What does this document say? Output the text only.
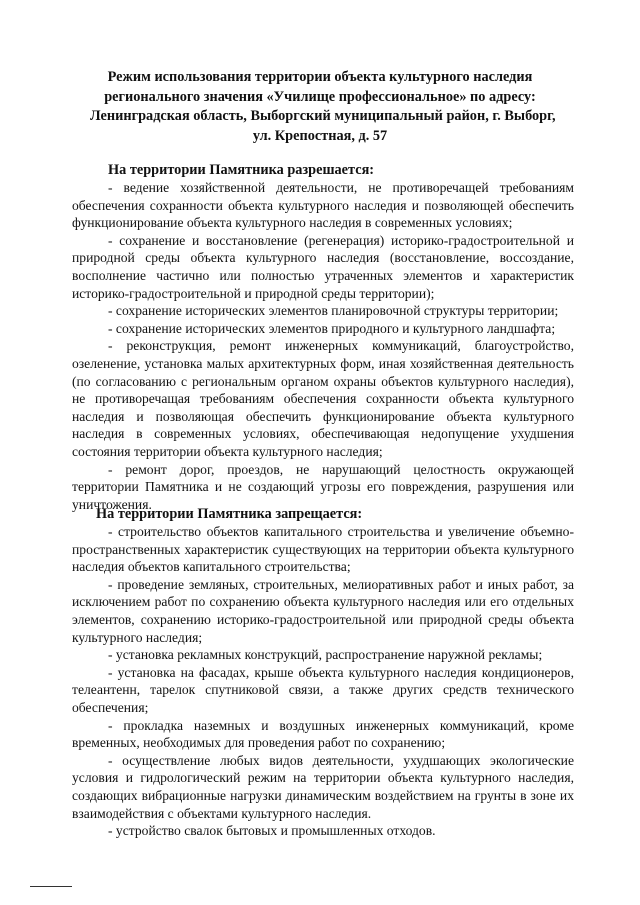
Режим использования территории объекта культурного наследия
регионального значения «Училище профессиональное» по адресу:
Ленинградская область, Выборгский муниципальный район, г. Выборг,
ул. Крепостная, д. 57
На территории Памятника разрешается:

- ведение хозяйственной деятельности, не противоречащей требованиям обеспечения сохранности объекта культурного наследия и позволяющей обеспечить функционирование объекта культурного наследия в современных условиях;

- сохранение и восстановление (регенерация) историко-градостроительной и природной среды объекта культурного наследия (восстановление, воссоздание, восполнение частично или полностью утраченных элементов и характеристик историко-градостроительной и природной среды территории);

- сохранение исторических элементов планировочной структуры территории;

- сохранение исторических элементов природного и культурного ландшафта;

- реконструкция, ремонт инженерных коммуникаций, благоустройство, озеленение, установка малых архитектурных форм, иная хозяйственная деятельность (по согласованию с региональным органом охраны объектов культурного наследия), не противоречащая требованиям обеспечения сохранности объекта культурного наследия и позволяющая обеспечить функционирование объекта культурного наследия в современных условиях, обеспечивающая недопущение ухудшения состояния территории объекта культурного наследия;

- ремонт дорог, проездов, не нарушающий целостность окружающей территории Памятника и не создающий угрозы его повреждения, разрушения или уничтожения.

На территории Памятника запрещается:

- строительство объектов капитального строительства и увеличение объемно-пространственных характеристик существующих на территории объекта культурного наследия объектов капитального строительства;

- проведение земляных, строительных, мелиоративных работ и иных работ, за исключением работ по сохранению объекта культурного наследия или его отдельных элементов, сохранению историко-градостроительной или природной среды объекта культурного наследия;

- установка рекламных конструкций, распространение наружной рекламы;

- установка на фасадах, крыше объекта культурного наследия кондиционеров, телеантенн, тарелок спутниковой связи, а также других средств технического обеспечения;

- прокладка наземных и воздушных инженерных коммуникаций, кроме временных, необходимых для проведения работ по сохранению;

- осуществление любых видов деятельности, ухудшающих экологические условия и гидрологический режим на территории объекта культурного наследия, создающих вибрационные нагрузки динамическим воздействием на грунты в зоне их взаимодействия с объектами культурного наследия.

- устройство свалок бытовых и промышленных отходов.
